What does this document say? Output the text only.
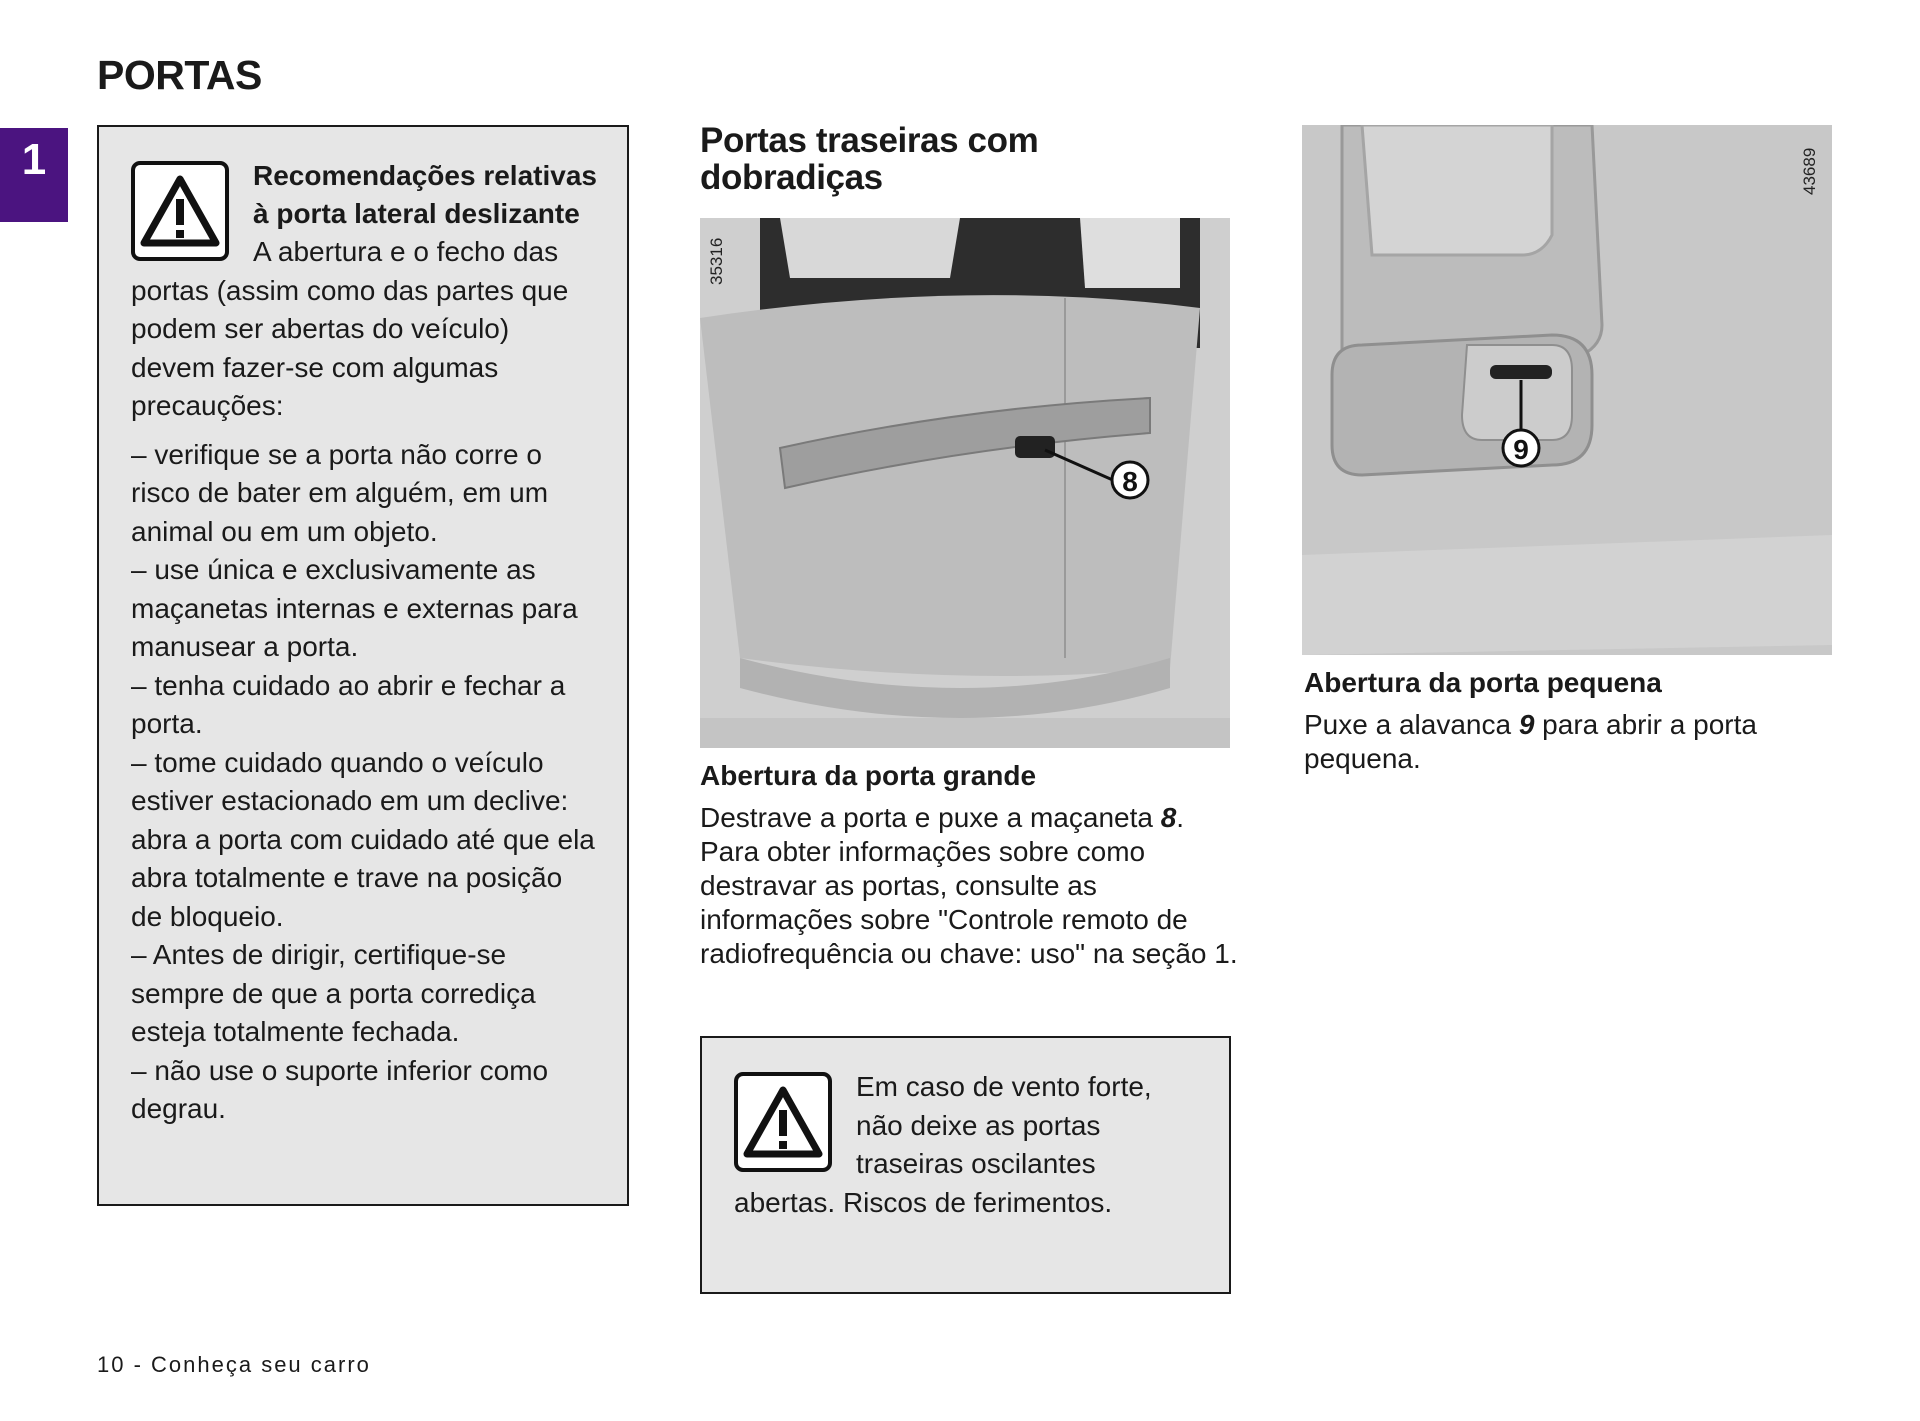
PORTAS
1	Recomendações relativas à porta lateral deslizante
A abertura e o fecho das portas (assim como das partes que podem ser abertas do veículo) devem fazer-se com algumas precauções:
– verifique se a porta não corre o risco de bater em alguém, em um animal ou em um objeto.
– use única e exclusivamente as maçanetas internas e externas para manusear a porta.
– tenha cuidado ao abrir e fechar a porta.
– tome cuidado quando o veículo estiver estacionado em um declive: abra a porta com cuidado até que ela abra totalmente e trave na posição de bloqueio.
– Antes de dirigir, certifique-se sempre de que a porta corrediça esteja totalmente fechada.
– não use o suporte inferior como degrau.
Portas traseiras com dobradiças
8
35316
9
43689
Abertura da porta grande
Destrave a porta e puxe a maçaneta 8. Para obter informações sobre como destravar as portas, consulte as informações sobre "Controle remoto de radiofrequência ou chave: uso" na seção 1.
Abertura da porta pequena
Puxe a alavanca 9 para abrir a porta pequena.
Em caso de vento forte, não deixe as portas traseiras oscilantes abertas. Riscos de ferimentos.
10 - Conheça seu carro
